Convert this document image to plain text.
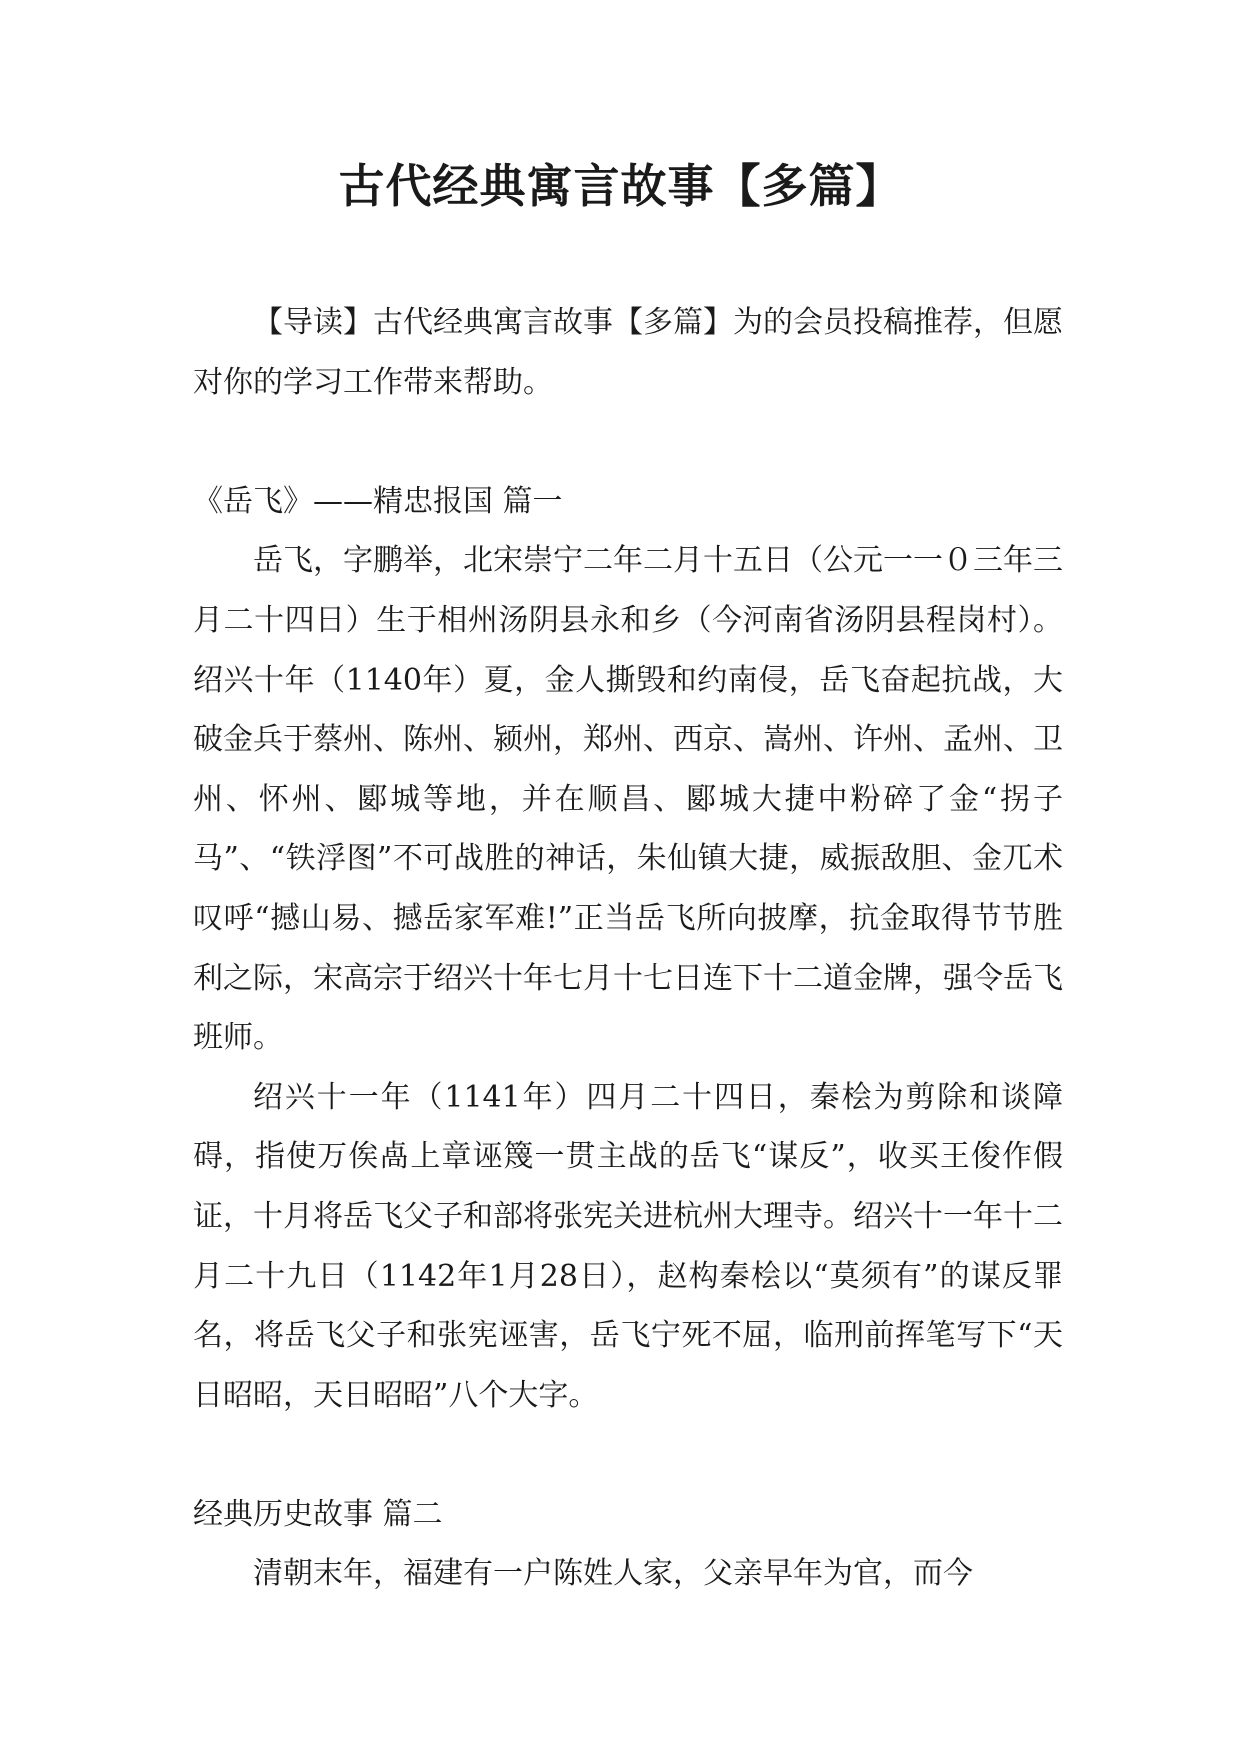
古代经典寓言故事【多篇】

【导读】古代经典寓言故事【多篇】为的会员投稿推荐，但愿对你的学习工作带来帮助。

《岳飞》——精忠报国 篇一

岳飞，字鹏举，北宋崇宁二年二月十五日（公元一一０三年三月二十四日）生于相州汤阴县永和乡（今河南省汤阴县程岗村）。绍兴十年（1140年）夏，金人撕毁和约南侵，岳飞奋起抗战，大破金兵于蔡州、陈州、颍州，郑州、西京、嵩州、许州、孟州、卫州、怀州、郾城等地，并在顺昌、郾城大捷中粉碎了金“拐子马”、“铁浮图”不可战胜的神话，朱仙镇大捷，威振敌胆、金兀术叹呼“撼山易、撼岳家军难!”正当岳飞所向披摩，抗金取得节节胜利之际，宋高宗于绍兴十年七月十七日连下十二道金牌，强令岳飞班师。

绍兴十一年（1141年）四月二十四日，秦桧为剪除和谈障碍，指使万俟卨上章诬篾一贯主战的岳飞“谋反”，收买王俊作假证，十月将岳飞父子和部将张宪关进杭州大理寺。绍兴十一年十二月二十九日（1142年1月28日），赵构秦桧以“莫须有”的谋反罪名，将岳飞父子和张宪诬害，岳飞宁死不屈，临刑前挥笔写下“天日昭昭，天日昭昭”八个大字。

经典历史故事 篇二

清朝末年，福建有一户陈姓人家，父亲早年为官，而今
